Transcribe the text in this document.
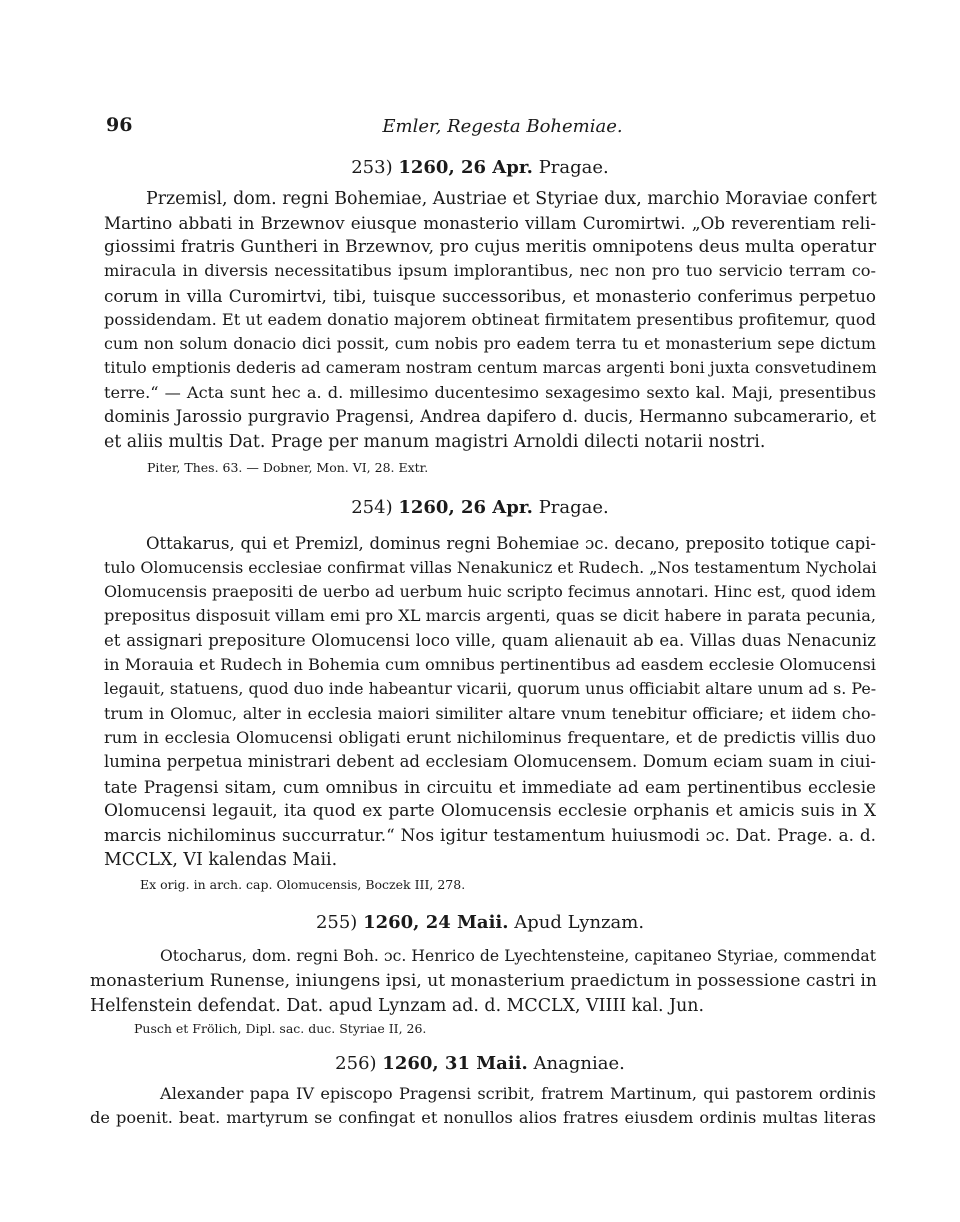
96	Emler, Regesta Bohemiae.
253) 1260, 26 Apr. Pragae.
Przemisl, dom. regni Bohemiae, Austriae et Styriae dux, marchio Moraviae confert
Martino abbati in Brzewnov eiusque monasterio villam Curomirtwi. „Ob reverentiam reli-
giossimi fratris Guntheri in Brzewnov, pro cujus meritis omnipotens deus multa operatur
miracula in diversis necessitatibus ipsum implorantibus, nec non pro tuo servicio terram co-
corum in villa Curomirtvi, tibi, tuisque successoribus, et monasterio conferimus perpetuo
possidendam. Et ut eadem donatio majorem obtineat firmitatem presentibus profitemur, quod
cum non solum donacio dici possit, cum nobis pro eadem terra tu et monasterium sepe dictum
titulo emptionis dederis ad cameram nostram centum marcas argenti boni juxta consvetudinem
terre.“ — Acta sunt hec a. d. millesimo ducentesimo sexagesimo sexto kal. Maji, presentibus
dominis Jarossio purgravio Pragensi, Andrea dapifero d. ducis, Hermanno subcamerario, et
et aliis multis Dat. Prage per manum magistri Arnoldi dilecti notarii nostri.
Piter, Thes. 63. — Dobner, Mon. VI, 28. Extr.
254) 1260, 26 Apr. Pragae.
Ottakarus, qui et Premizl, dominus regni Bohemiae ɔc. decano, preposito totique capi-
tulo Olomucensis ecclesiae confirmat villas Nenakunicz et Rudech. „Nos testamentum Nycholai
Olomucensis praepositi de uerbo ad uerbum huic scripto fecimus annotari. Hinc est, quod idem
prepositus disposuit villam emi pro XL marcis argenti, quas se dicit habere in parata pecunia,
et assignari prepositure Olomucensi loco ville, quam alienauit ab ea. Villas duas Nenacuniz
in Morauia et Rudech in Bohemia cum omnibus pertinentibus ad easdem ecclesie Olomucensi
legauit, statuens, quod duo inde habeantur vicarii, quorum unus officiabit altare unum ad s. Pe-
trum in Olomuc, alter in ecclesia maiori similiter altare vnum tenebitur officiare; et iidem cho-
rum in ecclesia Olomucensi obligati erunt nichilominus frequentare, et de predictis villis duo
lumina perpetua ministrari debent ad ecclesiam Olomucensem. Domum eciam suam in ciui-
tate Pragensi sitam, cum omnibus in circuitu et immediate ad eam pertinentibus ecclesie
Olomucensi legauit, ita quod ex parte Olomucensis ecclesie orphanis et amicis suis in X
marcis nichilominus succurratur.“ Nos igitur testamentum huiusmodi ɔc. Dat. Prage. a. d.
MCCLX, VI kalendas Maii.
Ex orig. in arch. cap. Olomucensis, Boczek III, 278.
255) 1260, 24 Maii. Apud Lynzam.
Otocharus, dom. regni Boh. ɔc. Henrico de Lyechtensteine, capitaneo Styriae, commendat
monasterium Runense, iniungens ipsi, ut monasterium praedictum in possessione castri in
Helfenstein defendat. Dat. apud Lynzam ad. d. MCCLX, VIIII kal. Jun.
Pusch et Frölich, Dipl. sac. duc. Styriae II, 26.
256) 1260, 31 Maii. Anagniae.
Alexander papa IV episcopo Pragensi scribit, fratrem Martinum, qui pastorem ordinis
de poenit. beat. martyrum se confingat et nonullos alios fratres eiusdem ordinis multas literas
